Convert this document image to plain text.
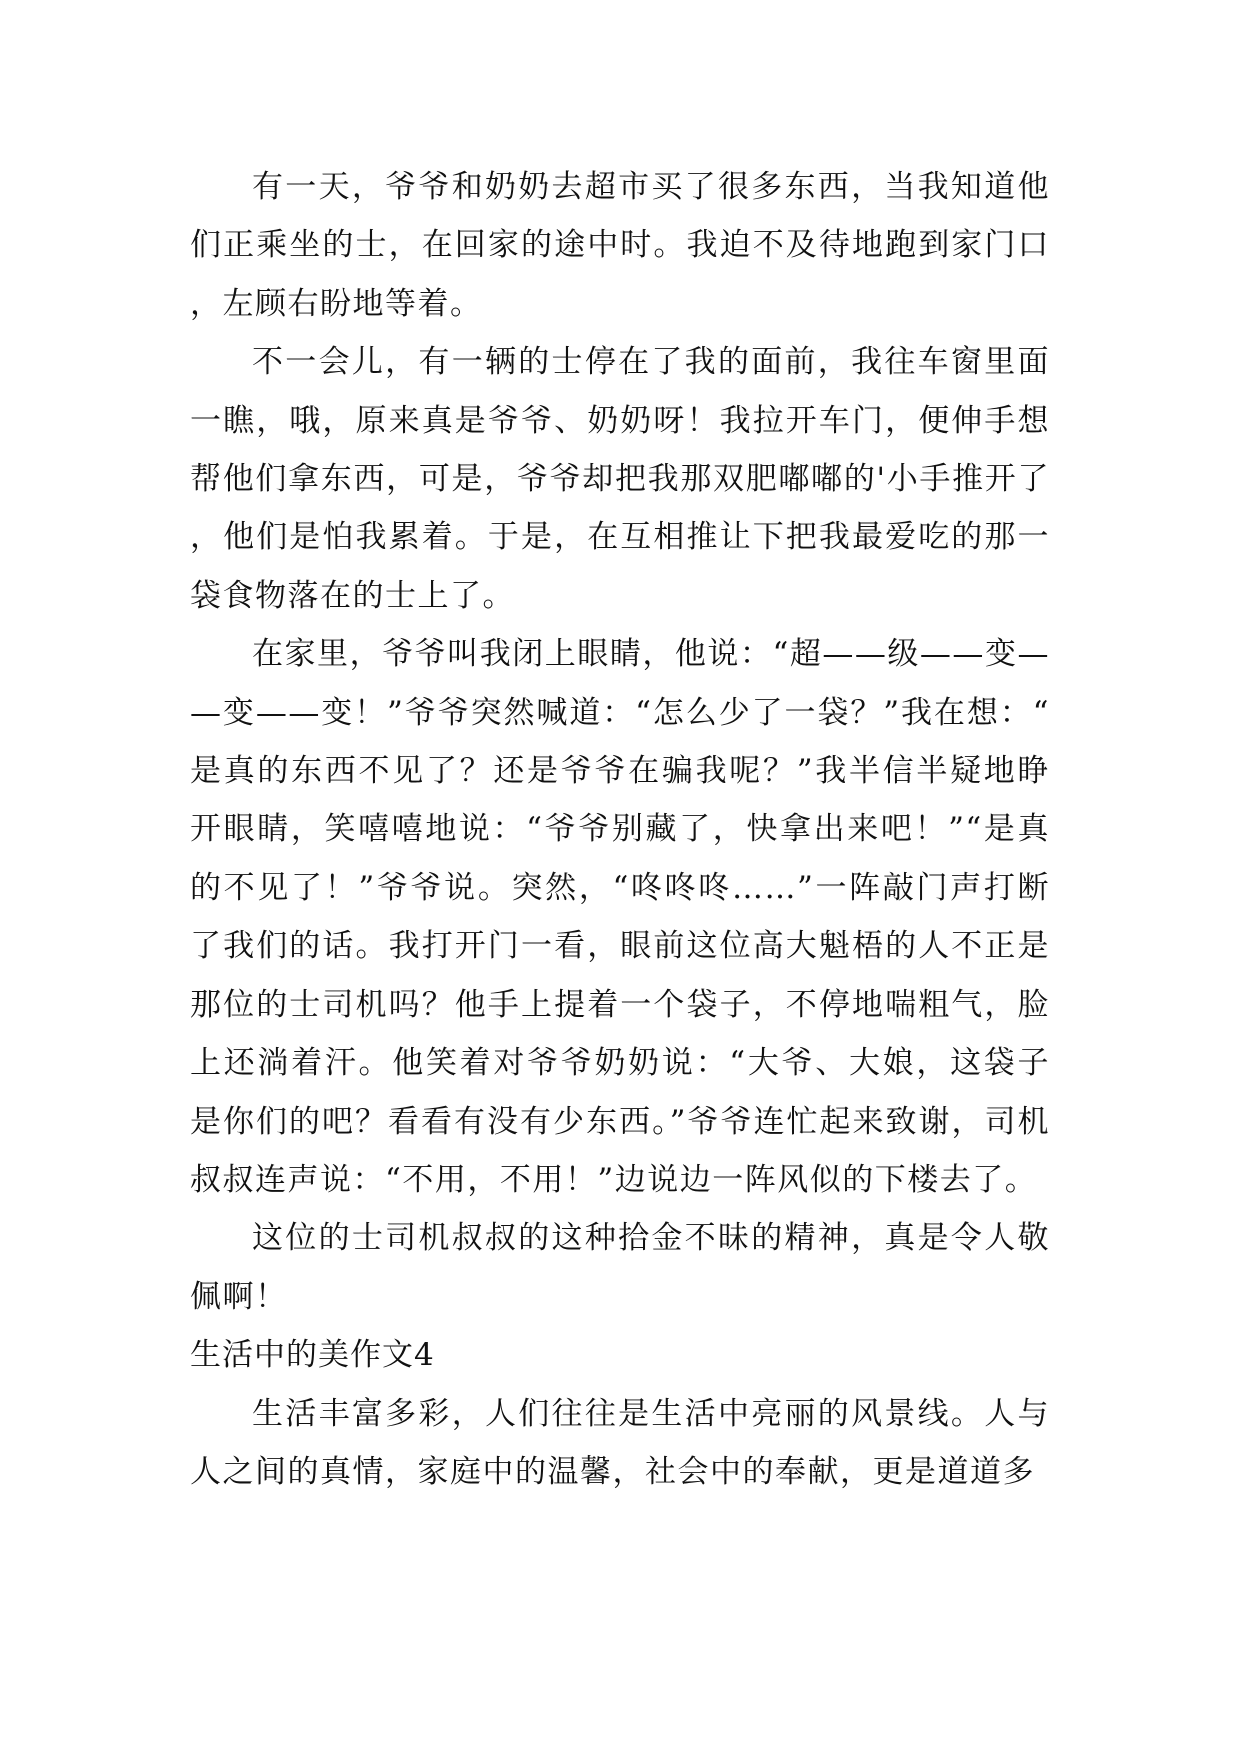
有一天，爷爷和奶奶去超市买了很多东西，当我知道他们正乘坐的士，在回家的途中时。我迫不及待地跑到家门口，左顾右盼地等着。

不一会儿，有一辆的士停在了我的面前，我往车窗里面一瞧，哦，原来真是爷爷、奶奶呀！我拉开车门，便伸手想帮他们拿东西，可是，爷爷却把我那双肥嘟嘟的'小手推开了，他们是怕我累着。于是，在互相推让下把我最爱吃的那一袋食物落在的士上了。

在家里，爷爷叫我闭上眼睛，他说：“超——级——变——变——变！”爷爷突然喊道：“怎么少了一袋？”我在想：“是真的东西不见了？还是爷爷在骗我呢？”我半信半疑地睁开眼睛，笑嘻嘻地说：“爷爷别藏了，快拿出来吧！”“是真的不见了！”爷爷说。突然，“咚咚咚……”一阵敲门声打断了我们的话。我打开门一看，眼前这位高大魁梧的人不正是那位的士司机吗？他手上提着一个袋子，不停地喘粗气，脸上还淌着汗。他笑着对爷爷奶奶说：“大爷、大娘，这袋子是你们的吧？看看有没有少东西。”爷爷连忙起来致谢，司机叔叔连声说：“不用，不用！”边说边一阵风似的下楼去了。

这位的士司机叔叔的这种拾金不昧的精神，真是令人敬佩啊！

生活中的美作文4

生活丰富多彩，人们往往是生活中亮丽的风景线。人与人之间的真情，家庭中的温馨，社会中的奉献，更是道道多
